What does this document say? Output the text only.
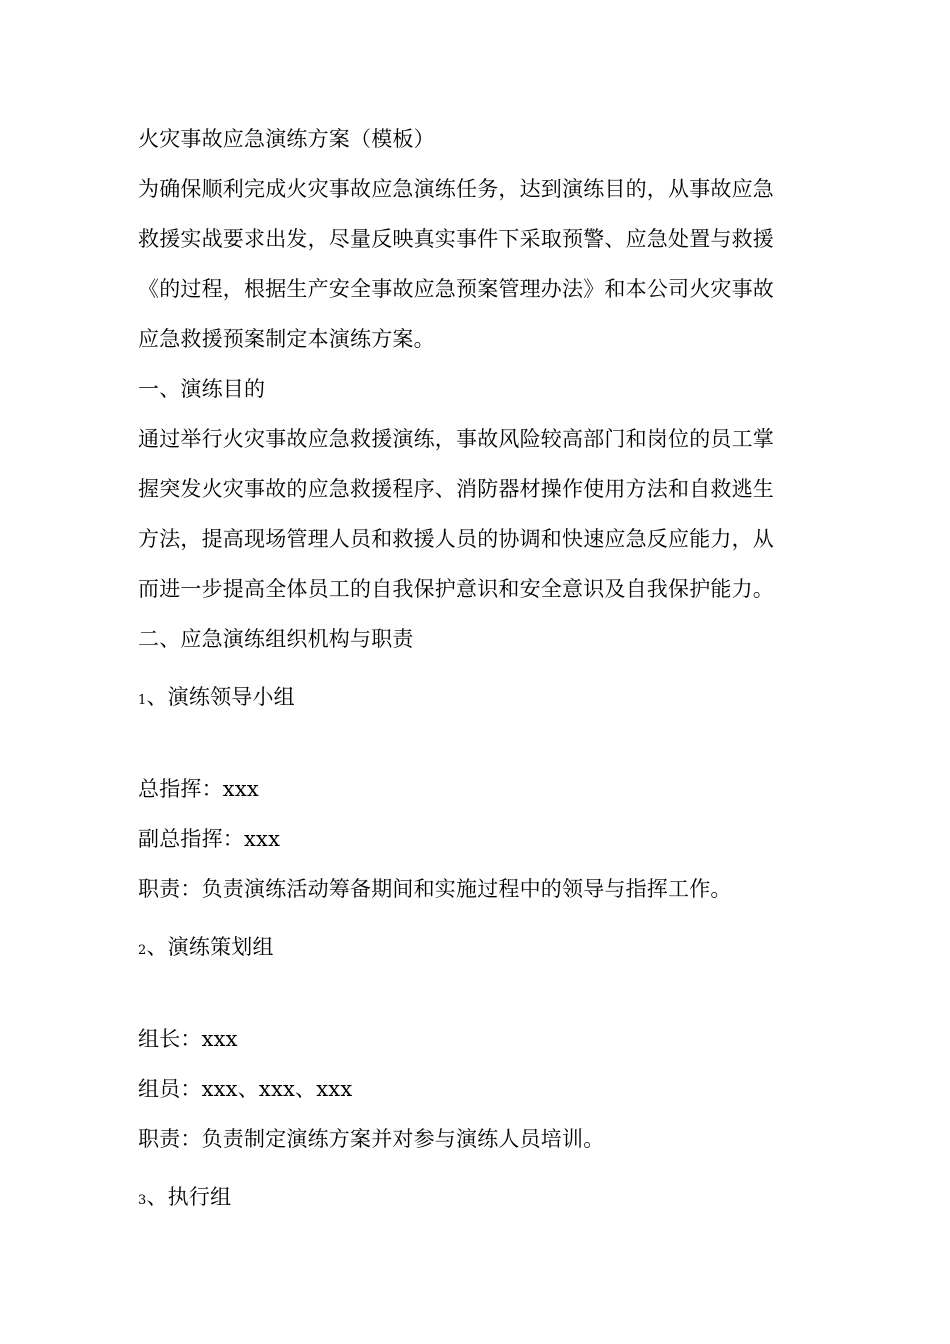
火灾事故应急演练方案（模板）
为确保顺利完成火灾事故应急演练任务，达到演练目的，从事故应急
救援实战要求出发，尽量反映真实事件下采取预警、应急处置与救援
《的过程，根据生产安全事故应急预案管理办法》和本公司火灾事故
应急救援预案制定本演练方案。
一、演练目的
通过举行火灾事故应急救援演练，事故风险较高部门和岗位的员工掌
握突发火灾事故的应急救援程序、消防器材操作使用方法和自救逃生
方法，提高现场管理人员和救援人员的协调和快速应急反应能力，从
而进一步提高全体员工的自我保护意识和安全意识及自我保护能力。
二、应急演练组织机构与职责
1、演练领导小组
总指挥：xxx
副总指挥：xxx
职责：负责演练活动筹备期间和实施过程中的领导与指挥工作。
2、演练策划组
组长：xxx
组员：xxx、xxx、xxx
职责：负责制定演练方案并对参与演练人员培训。
3、执行组
